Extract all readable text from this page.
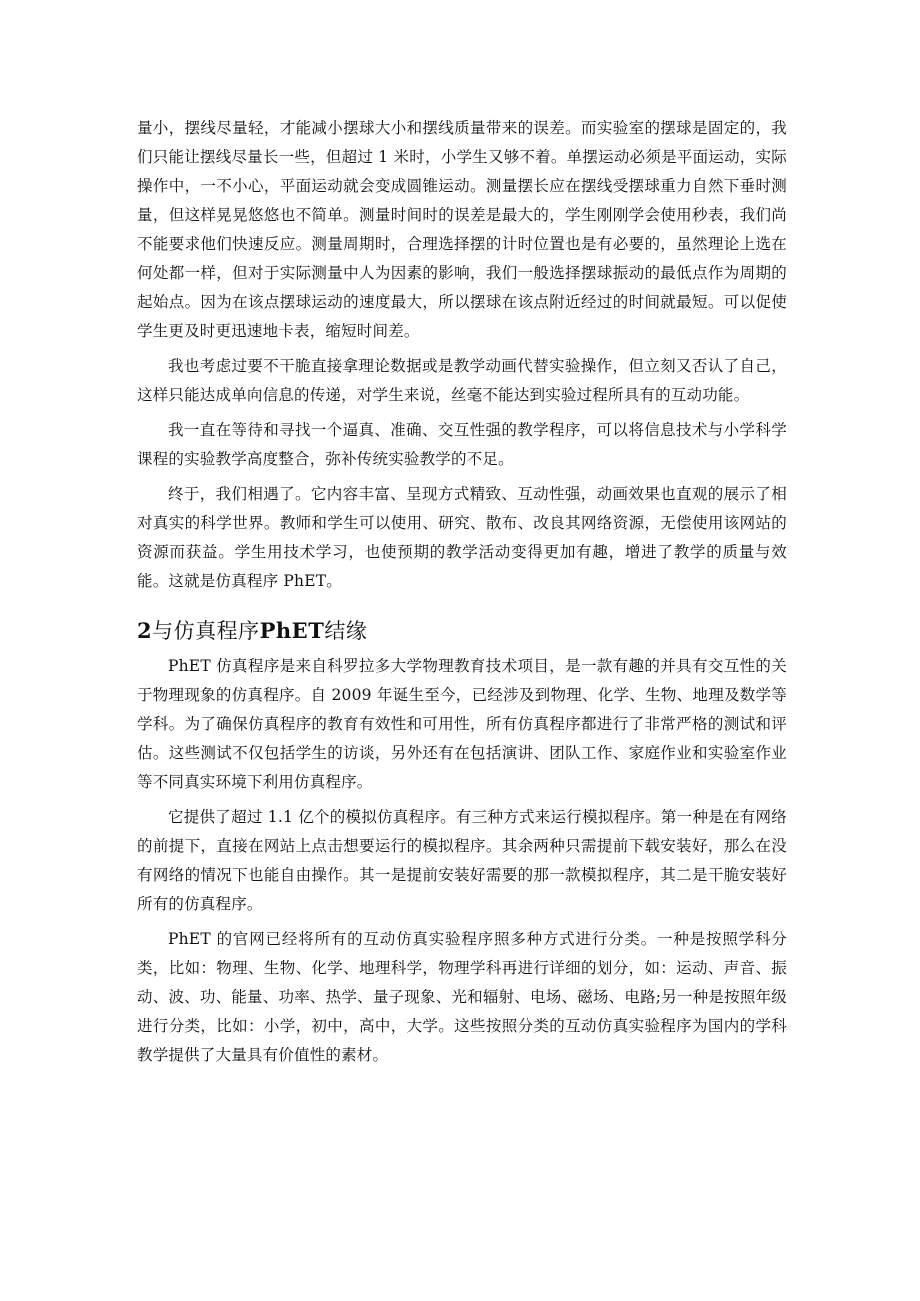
量小，摆线尽量轻，才能减小摆球大小和摆线质量带来的误差。而实验室的摆球是固定的，我们只能让摆线尽量长一些，但超过 1 米时，小学生又够不着。单摆运动必须是平面运动，实际操作中，一不小心，平面运动就会变成圆锥运动。测量摆长应在摆线受摆球重力自然下垂时测量，但这样晃晃悠悠也不简单。测量时间时的误差是最大的，学生刚刚学会使用秒表，我们尚不能要求他们快速反应。测量周期时，合理选择摆的计时位置也是有必要的，虽然理论上选在何处都一样，但对于实际测量中人为因素的影响，我们一般选择摆球振动的最低点作为周期的起始点。因为在该点摆球运动的速度最大，所以摆球在该点附近经过的时间就最短。可以促使学生更及时更迅速地卡表，缩短时间差。

我也考虑过要不干脆直接拿理论数据或是教学动画代替实验操作，但立刻又否认了自己，这样只能达成单向信息的传递，对学生来说，丝毫不能达到实验过程所具有的互动功能。

我一直在等待和寻找一个逼真、准确、交互性强的教学程序，可以将信息技术与小学科学课程的实验教学高度整合，弥补传统实验教学的不足。

终于，我们相遇了。它内容丰富、呈现方式精致、互动性强，动画效果也直观的展示了相对真实的科学世界。教师和学生可以使用、研究、散布、改良其网络资源，无偿使用该网站的资源而获益。学生用技术学习，也使预期的教学活动变得更加有趣，增进了教学的质量与效能。这就是仿真程序 PhET。

2与仿真程序PhET结缘

PhET 仿真程序是来自科罗拉多大学物理教育技术项目，是一款有趣的并具有交互性的关于物理现象的仿真程序。自 2009 年诞生至今，已经涉及到物理、化学、生物、地理及数学等学科。为了确保仿真程序的教育有效性和可用性，所有仿真程序都进行了非常严格的测试和评估。这些测试不仅包括学生的访谈，另外还有在包括演讲、团队工作、家庭作业和实验室作业等不同真实环境下利用仿真程序。

它提供了超过 1.1 亿个的模拟仿真程序。有三种方式来运行模拟程序。第一种是在有网络的前提下，直接在网站上点击想要运行的模拟程序。其余两种只需提前下载安装好，那么在没有网络的情况下也能自由操作。其一是提前安装好需要的那一款模拟程序，其二是干脆安装好所有的仿真程序。

PhET 的官网已经将所有的互动仿真实验程序照多种方式进行分类。一种是按照学科分类，比如：物理、生物、化学、地理科学，物理学科再进行详细的划分，如：运动、声音、振动、波、功、能量、功率、热学、量子现象、光和辐射、电场、磁场、电路;另一种是按照年级进行分类，比如：小学，初中，高中，大学。这些按照分类的互动仿真实验程序为国内的学科教学提供了大量具有价值性的素材。
